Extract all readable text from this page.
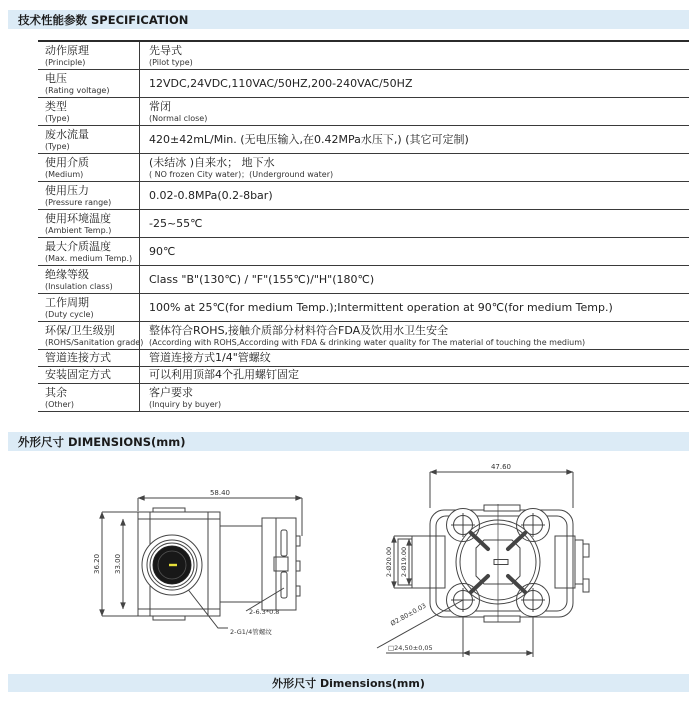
技术性能参数 SPECIFICATION
动作原理
(Principle)
先导式
(Pilot type)
电压
(Rating voltage)
12VDC,24VDC,110VAC/50HZ,200-240VAC/50HZ
类型
(Type)
常闭
(Normal close)
废水流量
(Type)
420±42mL/Min. (无电压输入,在0.42MPa水压下,) (其它可定制)
使用介质
(Medium)
(未结冰 )自来水； 地下水
( NO frozen City water)；(Underground water)
使用压力
(Pressure range)
0.02-0.8MPa(0.2-8bar)
使用环境温度
(Ambient Temp.)
-25~55℃
最大介质温度
(Max. medium Temp.)
90℃
绝缘等级
(Insulation class)
Class "B"(130℃) / "F"(155℃)/"H"(180℃)
工作周期
(Duty cycle)
100% at 25℃(for medium Temp.);Intermittent operation at 90℃(for medium Temp.)
环保/卫生级别
(ROHS/Sanitation grade)
整体符合ROHS,接触介质部分材料符合FDA及饮用水卫生安全
(According with ROHS,According with FDA & drinking water quality for The material of touching the medium)
管道连接方式	管道连接方式1/4"管螺纹
安装固定方式	可以利用顶部4个孔用螺钉固定
其余
(Other)
客户要求
(Inquiry by buyer)
外形尺寸 DIMENSIONS(mm)
58.40
36.20 33.00
2-G1/4管螺纹
2-6.3*0.8
47.60
2-Ø20.00 2-Ø19.00
Ø2.80±0.03
□24,50±0,05
外形尺寸 Dimensions(mm)
